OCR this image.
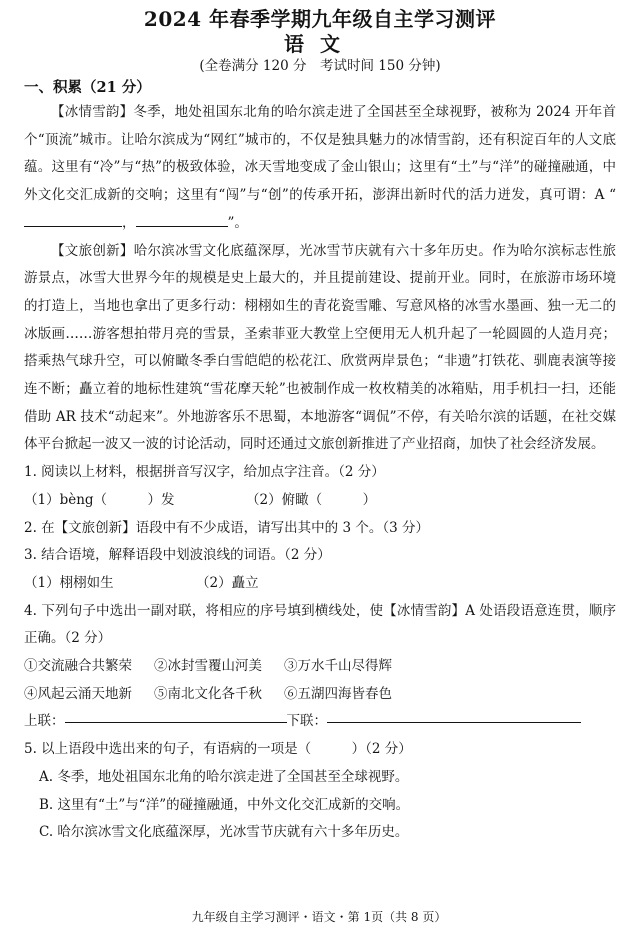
2024 年春季学期九年级自主学习测评
语文
(全卷满分 120 分　考试时间 150 分钟)
一、积累（21 分）

【冰情雪韵】冬季，地处祖国东北角的哈尔滨走进了全国甚至全球视野，被称为 2024 开年首个“顶流”城市。让哈尔滨成为“网红”城市的，不仅是独具魅力的冰情雪韵，还有积淀百年的人文底蕴。这里有“冷”与“热”的极致体验，冰天雪地变成了金山银山；这里有“土”与“洋”的碰撞融通，中外文化交汇成新的交响；这里有“闯”与“创”的传承开拓，澎湃出新时代的活力迸发，真可谓：A “，	”。

【文旅创新】哈尔滨冰雪文化底蕴深厚，光冰雪节庆就有六十多年历史。作为哈尔滨标志性旅游景点，冰雪大世界今年的规模是史上最大的，并且提前建设、提前开业。同时，在旅游市场环境的打造上，当地也拿出了更多行动：栩栩如生的青花瓷雪雕、写意风格的冰雪水墨画、独一无二的冰版画……游客想拍带月亮的雪景，圣索菲亚大教堂上空便用无人机升起了一轮圆圆的人造月亮；搭乘热气球升空，可以俯瞰冬季白雪皑皑的松花江、欣赏两岸景色；“非遗”打铁花、驯鹿表演等接连不断；矗立着的地标性建筑“雪花摩天轮”也被制作成一枚枚精美的冰箱贴，用手机扫一扫，还能借助 AR 技术“动起来”。外地游客乐不思蜀，本地游客“调侃”不停，有关哈尔滨的话题，在社交媒体平台掀起一波又一波的讨论活动，同时还通过文旅创新推进了产业招商，加快了社会经济发展。

1. 阅读以上材料，根据拼音写汉字，给加点字注音。（2 分）

（1）bèng（　　　）发	（2）俯瞰（　　　）

2. 在【文旅创新】语段中有不少成语，请写出其中的 3 个。（3 分）

3. 结合语境，解释语段中划波浪线的词语。（2 分）

（1）栩栩如生	（2）矗立

4. 下列句子中选出一副对联，将相应的序号填到横线处，使【冰情雪韵】A 处语段语意连贯，顺序正确。（2 分）

①交流融合共繁荣	②冰封雪覆山河美	③万水千山尽得辉
④风起云涌天地新	⑤南北文化各千秋	⑥五湖四海皆春色
上联：	下联：

5. 以上语段中选出来的句子，有语病的一项是（　　　）（2 分）

A. 冬季，地处祖国东北角的哈尔滨走进了全国甚至全球视野。

B. 这里有“土”与“洋”的碰撞融通，中外文化交汇成新的交响。

C. 哈尔滨冰雪文化底蕴深厚，光冰雪节庆就有六十多年历史。

九年级自主学习测评・语文・第 1页（共 8 页）
